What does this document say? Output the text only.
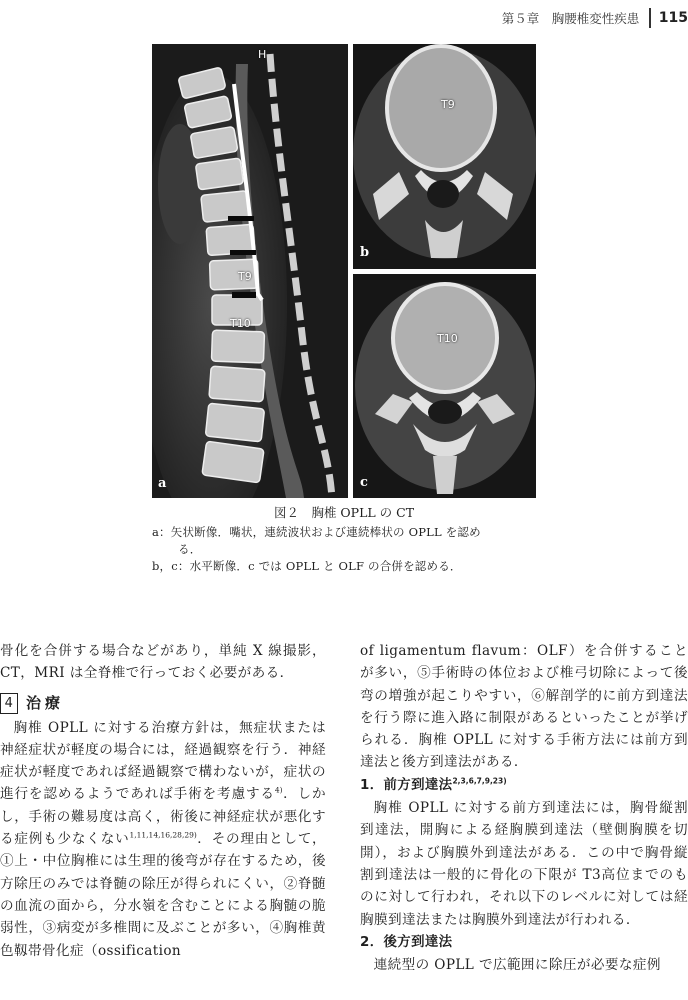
第５章　胸腰椎変性疾患 115
H
T9
T10
a
T9
b
T10
c
図２　胸椎 OPLL の CT
a：矢状断像．嘴状，連続波状および連続棒状の OPLL を認め
る．
b，c：水平断像．c では OPLL と OLF の合併を認める．

骨化を合併する場合などがあり，単純 X 線撮影，CT，MRI は全脊椎で行っておく必要がある．

4 治療

胸椎 OPLL に対する治療方針は，無症状または神経症状が軽度の場合には，経過観察を行う．神経症状が軽度であれば経過観察で構わないが，症状の進行を認めるようであれば手術を考慮する$^{4)}$．しかし，手術の難易度は高く，術後に神経症状が悪化する症例も少なくない$^{1,11,14,16,28,29)}$．その理由として，①上・中位胸椎には生理的後弯が存在するため，後方除圧のみでは脊髄の除圧が得られにくい，②脊髄の血流の面から，分水嶺を含むことによる胸髄の脆弱性，③病変が多椎間に及ぶことが多い，④胸椎黄色靱帯骨化症（ossification

of ligamentum flavum：OLF）を合併することが多い，⑤手術時の体位および椎弓切除によって後弯の増強が起こりやすい，⑥解剖学的に前方到達法を行う際に進入路に制限があるといったことが挙げられる．胸椎 OPLL に対する手術方法には前方到達法と後方到達法がある．

1．前方到達法$^{2,3,6,7,9,23)}$

胸椎 OPLL に対する前方到達法には，胸骨縦割到達法，開胸による経胸膜到達法（壁側胸膜を切開），および胸膜外到達法がある．この中で胸骨縦割到達法は一般的に骨化の下限が T3高位までのものに対して行われ，それ以下のレベルに対しては経胸膜到達法または胸膜外到達法が行われる．

2．後方到達法

連続型の OPLL で広範囲に除圧が必要な症例
